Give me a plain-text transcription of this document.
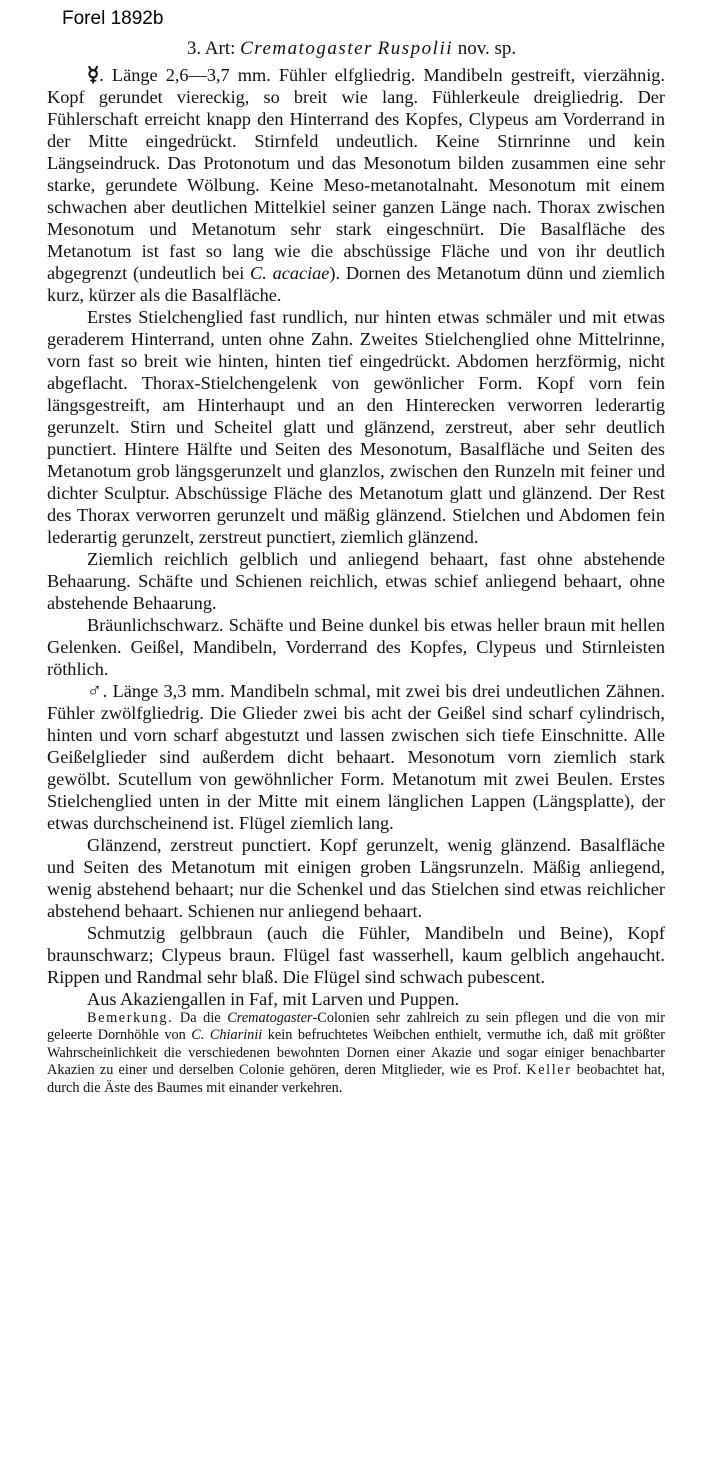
Forel 1892b
3. Art: Crematogaster Ruspolii nov. sp.

☿. Länge 2,6—3,7 mm. Fühler elfgliedrig. Mandibeln gestreift, vierzähnig. Kopf gerundet viereckig, so breit wie lang. Fühlerkeule dreigliedrig. Der Fühlerschaft erreicht knapp den Hinterrand des Kopfes, Clypeus am Vorderrand in der Mitte eingedrückt. Stirnfeld undeutlich. Keine Stirnrinne und kein Längseindruck. Das Protonotum und das Mesonotum bilden zusammen eine sehr starke, gerundete Wölbung. Keine Meso-metanotalnaht. Mesonotum mit einem schwachen aber deutlichen Mittelkiel seiner ganzen Länge nach. Thorax zwischen Mesonotum und Metanotum sehr stark eingeschnürt. Die Basalfläche des Metanotum ist fast so lang wie die abschüssige Fläche und von ihr deutlich abgegrenzt (undeutlich bei C. acaciae). Dornen des Metanotum dünn und ziemlich kurz, kürzer als die Basalfläche.

Erstes Stielchenglied fast rundlich, nur hinten etwas schmäler und mit etwas geraderem Hinterrand, unten ohne Zahn. Zweites Stielchenglied ohne Mittelrinne, vorn fast so breit wie hinten, hinten tief eingedrückt. Abdomen herzförmig, nicht abgeflacht. Thorax-Stielchengelenk von gewönlicher Form. Kopf vorn fein längsgestreift, am Hinterhaupt und an den Hinterecken verworren lederartig gerunzelt. Stirn und Scheitel glatt und glänzend, zerstreut, aber sehr deutlich punctiert. Hintere Hälfte und Seiten des Mesonotum, Basalfläche und Seiten des Metanotum grob längsgerunzelt und glanzlos, zwischen den Runzeln mit feiner und dichter Sculptur. Abschüssige Fläche des Metanotum glatt und glänzend. Der Rest des Thorax verworren gerunzelt und mäßig glänzend. Stielchen und Abdomen fein lederartig gerunzelt, zerstreut punctiert, ziemlich glänzend.

Ziemlich reichlich gelblich und anliegend behaart, fast ohne abstehende Behaarung. Schäfte und Schienen reichlich, etwas schief anliegend behaart, ohne abstehende Behaarung.

Bräunlichschwarz. Schäfte und Beine dunkel bis etwas heller braun mit hellen Gelenken. Geißel, Mandibeln, Vorderrand des Kopfes, Clypeus und Stirnleisten röthlich.

♂. Länge 3,3 mm. Mandibeln schmal, mit zwei bis drei undeutlichen Zähnen. Fühler zwölfgliedrig. Die Glieder zwei bis acht der Geißel sind scharf cylindrisch, hinten und vorn scharf abgestutzt und lassen zwischen sich tiefe Einschnitte. Alle Geißelglieder sind außerdem dicht behaart. Mesonotum vorn ziemlich stark gewölbt. Scutellum von gewöhnlicher Form. Metanotum mit zwei Beulen. Erstes Stielchenglied unten in der Mitte mit einem länglichen Lappen (Längsplatte), der etwas durchscheinend ist. Flügel ziemlich lang.

Glänzend, zerstreut punctiert. Kopf gerunzelt, wenig glänzend. Basalfläche und Seiten des Metanotum mit einigen groben Längsrunzeln. Mäßig anliegend, wenig abstehend behaart; nur die Schenkel und das Stielchen sind etwas reichlicher abstehend behaart. Schienen nur anliegend behaart.

Schmutzig gelbbraun (auch die Fühler, Mandibeln und Beine), Kopf braunschwarz; Clypeus braun. Flügel fast wasserhell, kaum gelblich angehaucht. Rippen und Randmal sehr blaß. Die Flügel sind schwach pubescent.

Aus Akaziengallen in Faf, mit Larven und Puppen.

Bemerkung. Da die Crematogaster-Colonien sehr zahlreich zu sein pflegen und die von mir geleerte Dornhöhle von C. Chiarinii kein befruchtetes Weibchen enthielt, vermuthe ich, daß mit größter Wahrscheinlichkeit die verschiedenen bewohnten Dornen einer Akazie und sogar einiger benachbarter Akazien zu einer und derselben Colonie gehören, deren Mitglieder, wie es Prof. Keller beobachtet hat, durch die Äste des Baumes mit einander verkehren.
